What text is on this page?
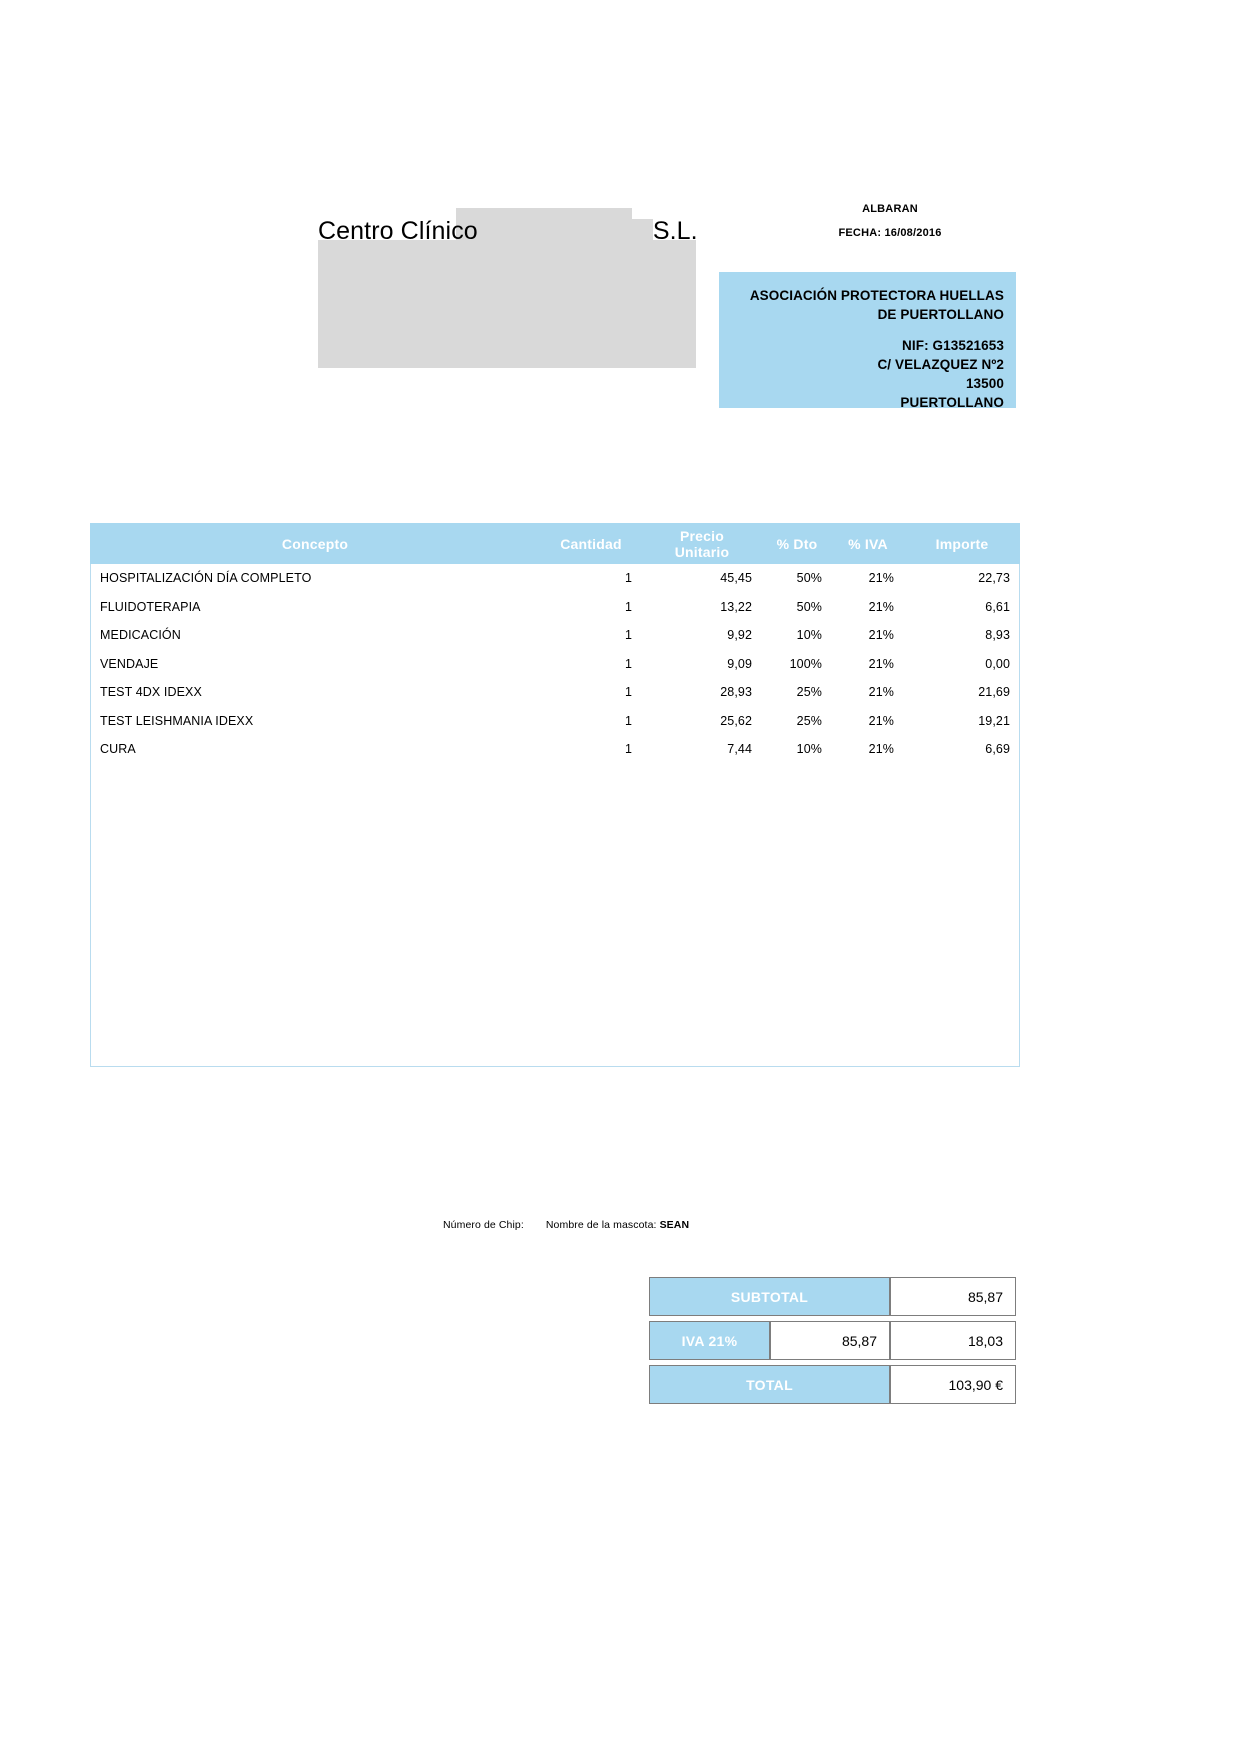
Centro Clínico	S.L.
ALBARAN
FECHA: 16/08/2016
ASOCIACIÓN PROTECTORA HUELLAS
DE PUERTOLLANO
NIF: G13521653
C/ VELAZQUEZ Nº2
13500
PUERTOLLANO
Concepto	Cantidad	Precio Unitario	% Dto	% IVA	Importe
HOSPITALIZACIÓN DÍA COMPLETO	1	45,45	50%	21%	22,73
FLUIDOTERAPIA	1	13,22	50%	21%	6,61
MEDICACIÓN	1	9,92	10%	21%	8,93
VENDAJE	1	9,09	100%	21%	0,00
TEST 4DX IDEXX	1	28,93	25%	21%	21,69
TEST LEISHMANIA IDEXX	1	25,62	25%	21%	19,21
CURA	1	7,44	10%	21%	6,69
Número de Chip: Nombre de la mascota: SEAN
SUBTOTAL	85,87
IVA 21%	85,87	18,03
TOTAL	103,90 €
